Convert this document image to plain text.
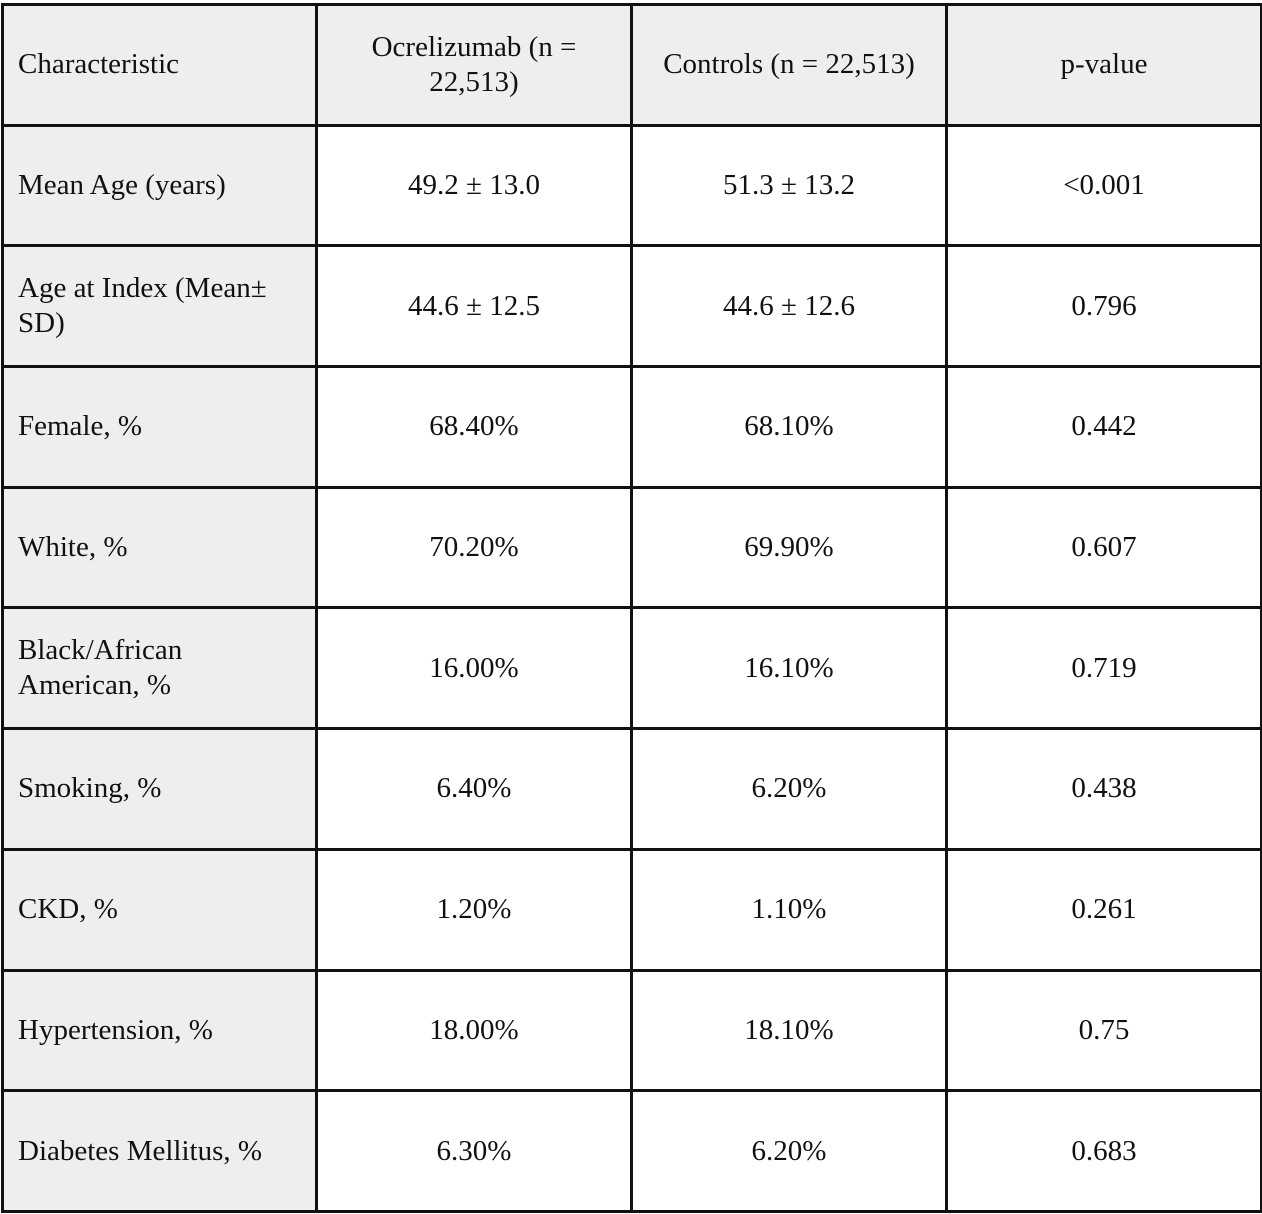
Characteristic	Ocrelizumab (n = 22,513)	Controls (n = 22,513)	p-value
Mean Age (years)	49.2 ± 13.0	51.3 ± 13.2	<0.001
Age at Index (Mean± SD)	44.6 ± 12.5	44.6 ± 12.6	0.796
Female, %	68.40%	68.10%	0.442
White, %	70.20%	69.90%	0.607
Black/African American, %	16.00%	16.10%	0.719
Smoking, %	6.40%	6.20%	0.438
CKD, %	1.20%	1.10%	0.261
Hypertension, %	18.00%	18.10%	0.75
Diabetes Mellitus, %	6.30%	6.20%	0.683
